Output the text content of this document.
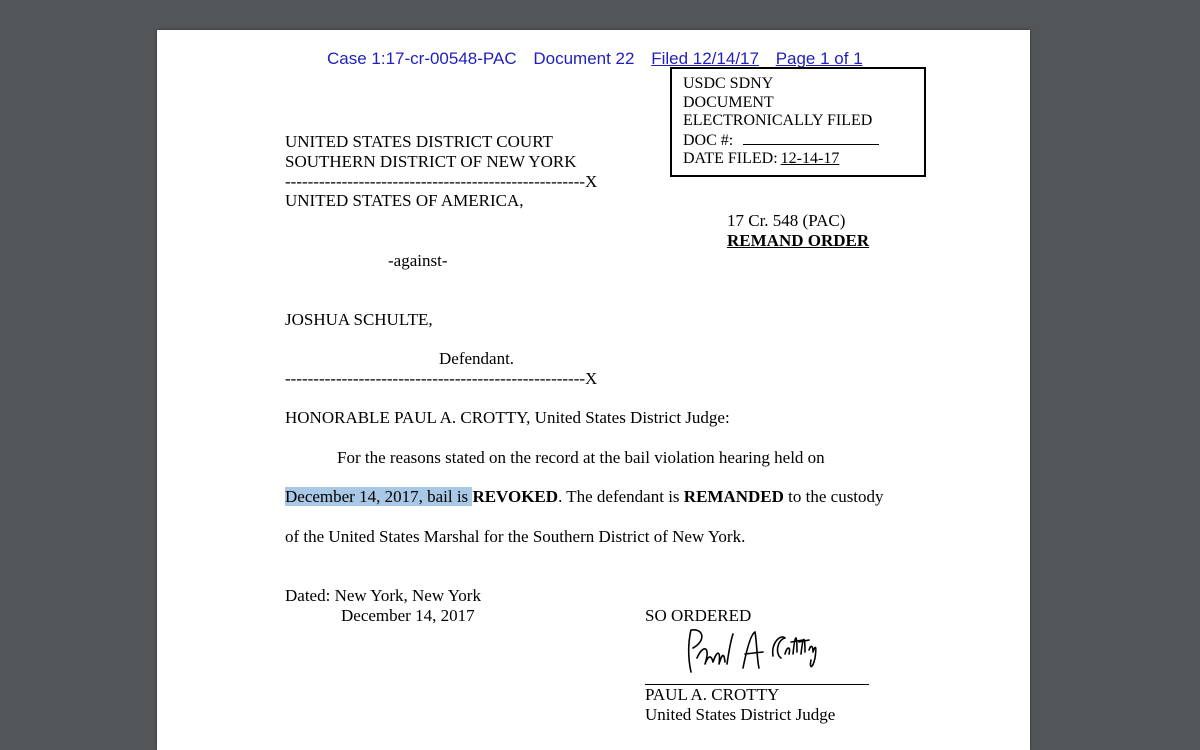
Case 1:17-cr-00548-PAC Document 22 Filed 12/14/17 Page 1 of 1
USDC SDNY
DOCUMENT
ELECTRONICALLY FILED
DOC #:
DATE FILED: 12-14-17
UNITED STATES DISTRICT COURT
SOUTHERN DISTRICT OF NEW YORK
-----------------------------------------------------X
UNITED STATES OF AMERICA,
17 Cr. 548 (PAC)
REMAND ORDER
-against-
JOSHUA SCHULTE,
Defendant.
-----------------------------------------------------X
HONORABLE PAUL A. CROTTY, United States District Judge:
For the reasons stated on the record at the bail violation hearing held on
December 14, 2017, bail is REVOKED. The defendant is REMANDED to the custody
of the United States Marshal for the Southern District of New York.
Dated: New York, New York
December 14, 2017	SO ORDERED
PAUL A. CROTTY
United States District Judge
